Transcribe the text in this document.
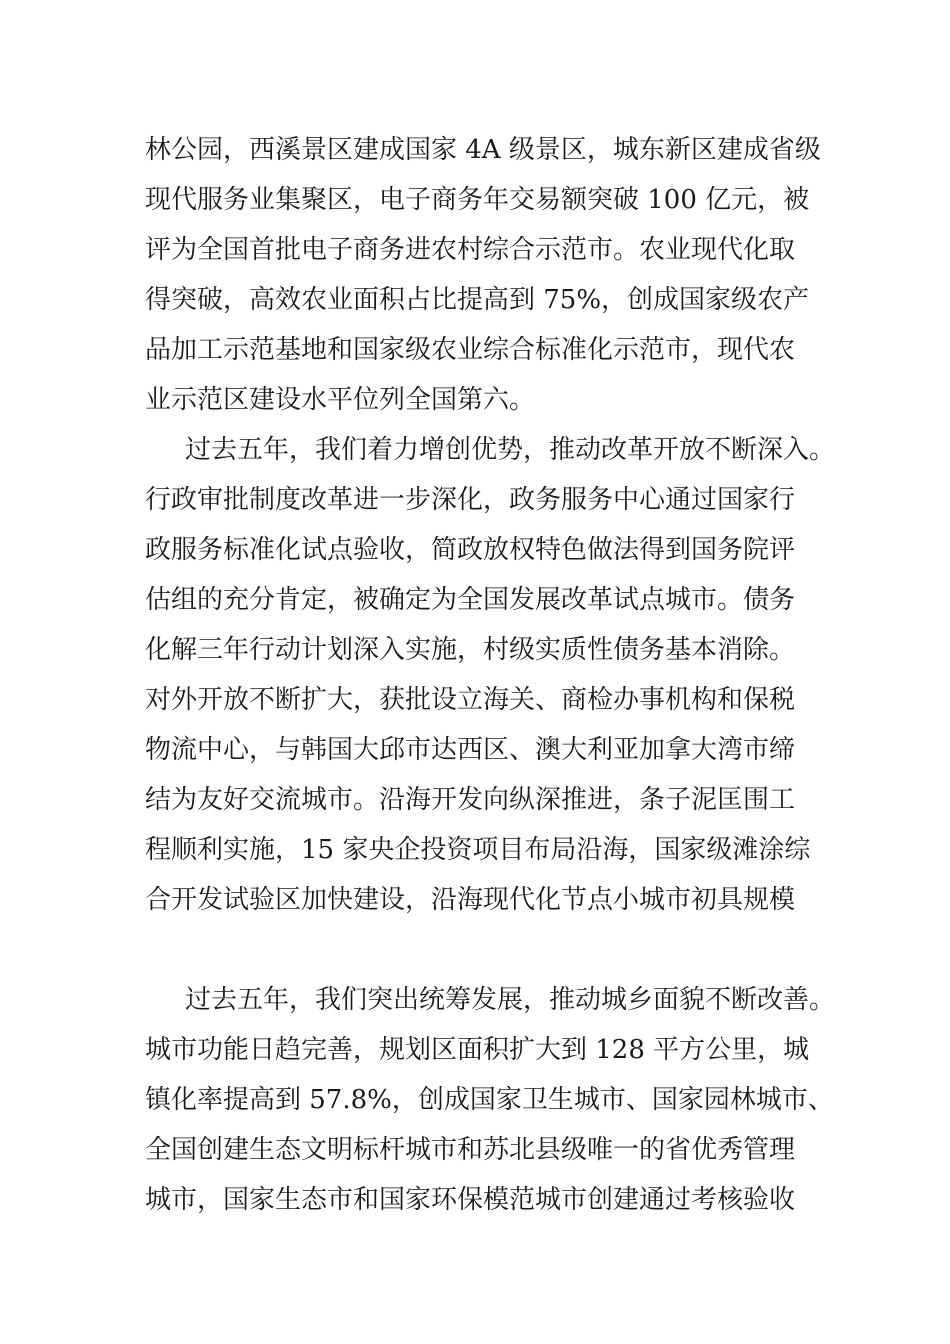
林公园，西溪景区建成国家 4A 级景区，城东新区建成省级
现代服务业集聚区，电子商务年交易额突破 100 亿元，被
评为全国首批电子商务进农村综合示范市。农业现代化取
得突破，高效农业面积占比提高到 75%，创成国家级农产
品加工示范基地和国家级农业综合标准化示范市，现代农
业示范区建设水平位列全国第六。
过去五年，我们着力增创优势，推动改革开放不断深入。
行政审批制度改革进一步深化，政务服务中心通过国家行
政服务标准化试点验收，简政放权特色做法得到国务院评
估组的充分肯定，被确定为全国发展改革试点城市。债务
化解三年行动计划深入实施，村级实质性债务基本消除。
对外开放不断扩大，获批设立海关、商检办事机构和保税
物流中心，与韩国大邱市达西区、澳大利亚加拿大湾市缔
结为友好交流城市。沿海开发向纵深推进，条子泥匡围工
程顺利实施，15 家央企投资项目布局沿海，国家级滩涂综
合开发试验区加快建设，沿海现代化节点小城市初具规模
过去五年，我们突出统筹发展，推动城乡面貌不断改善。
城市功能日趋完善，规划区面积扩大到 128 平方公里，城
镇化率提高到 57.8%，创成国家卫生城市、国家园林城市、
全国创建生态文明标杆城市和苏北县级唯一的省优秀管理
城市，国家生态市和国家环保模范城市创建通过考核验收
